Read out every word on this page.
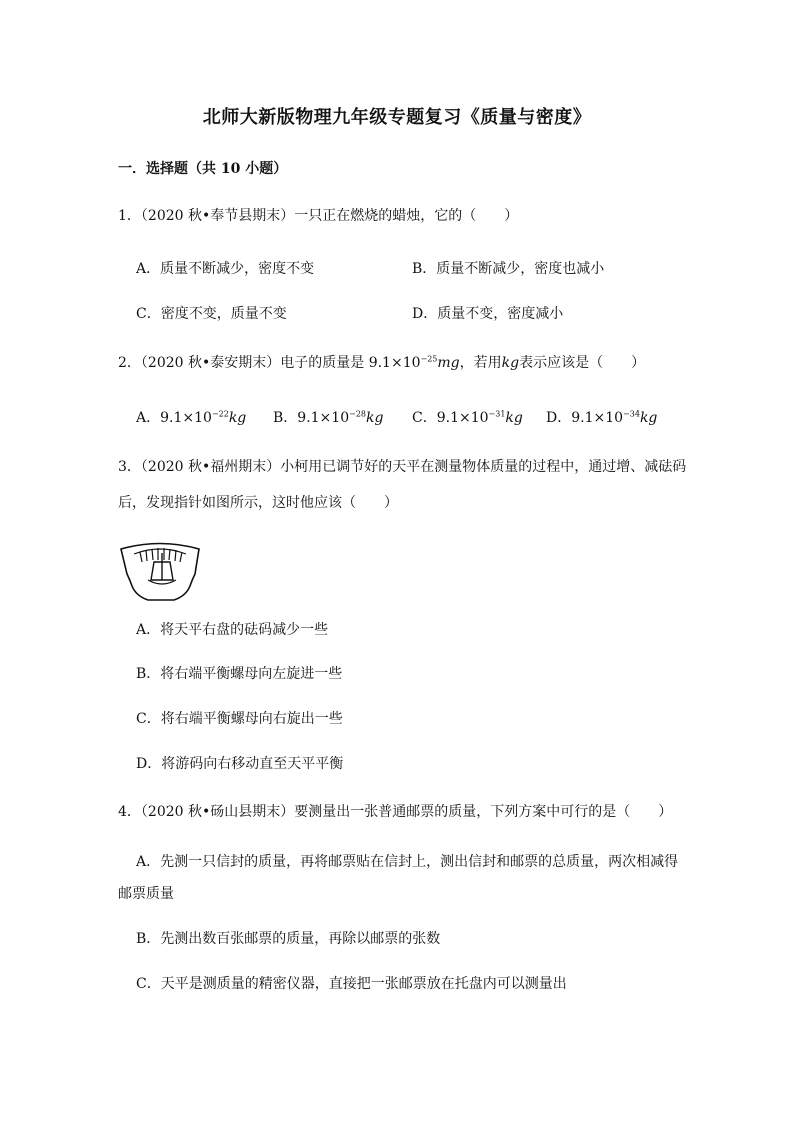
北师大新版物理九年级专题复习《质量与密度》
一．选择题（共 10 小题）
1．（2020 秋•奉节县期末）一只正在燃烧的蜡烛，它的（　　）
A．质量不断减少，密度不变	B．质量不断减少，密度也减小
C．密度不变，质量不变	D．质量不变，密度减小
2．（2020 秋•泰安期末）电子的质量是 $9.1\times 10^{-25}mg$，若用kg表示应该是（　　）
A．$9.1\times 10^{-22}kg$ B．$9.1\times 10^{-28}kg$ C．$9.1\times 10^{-31}kg$ D．$9.1\times 10^{-34}kg$
3．（2020 秋•福州期末）小柯用已调节好的天平在测量物体质量的过程中，通过增、减砝码
后，发现指针如图所示，这时他应该（　　）
A．将天平右盘的砝码减少一些
B．将右端平衡螺母向左旋进一些
C．将右端平衡螺母向右旋出一些
D．将游码向右移动直至天平平衡
4．（2020 秋•砀山县期末）要测量出一张普通邮票的质量，下列方案中可行的是（　　）
A．先测一只信封的质量，再将邮票贴在信封上，测出信封和邮票的总质量，两次相减得
邮票质量
B．先测出数百张邮票的质量，再除以邮票的张数
C．天平是测质量的精密仪器，直接把一张邮票放在托盘内可以测量出
